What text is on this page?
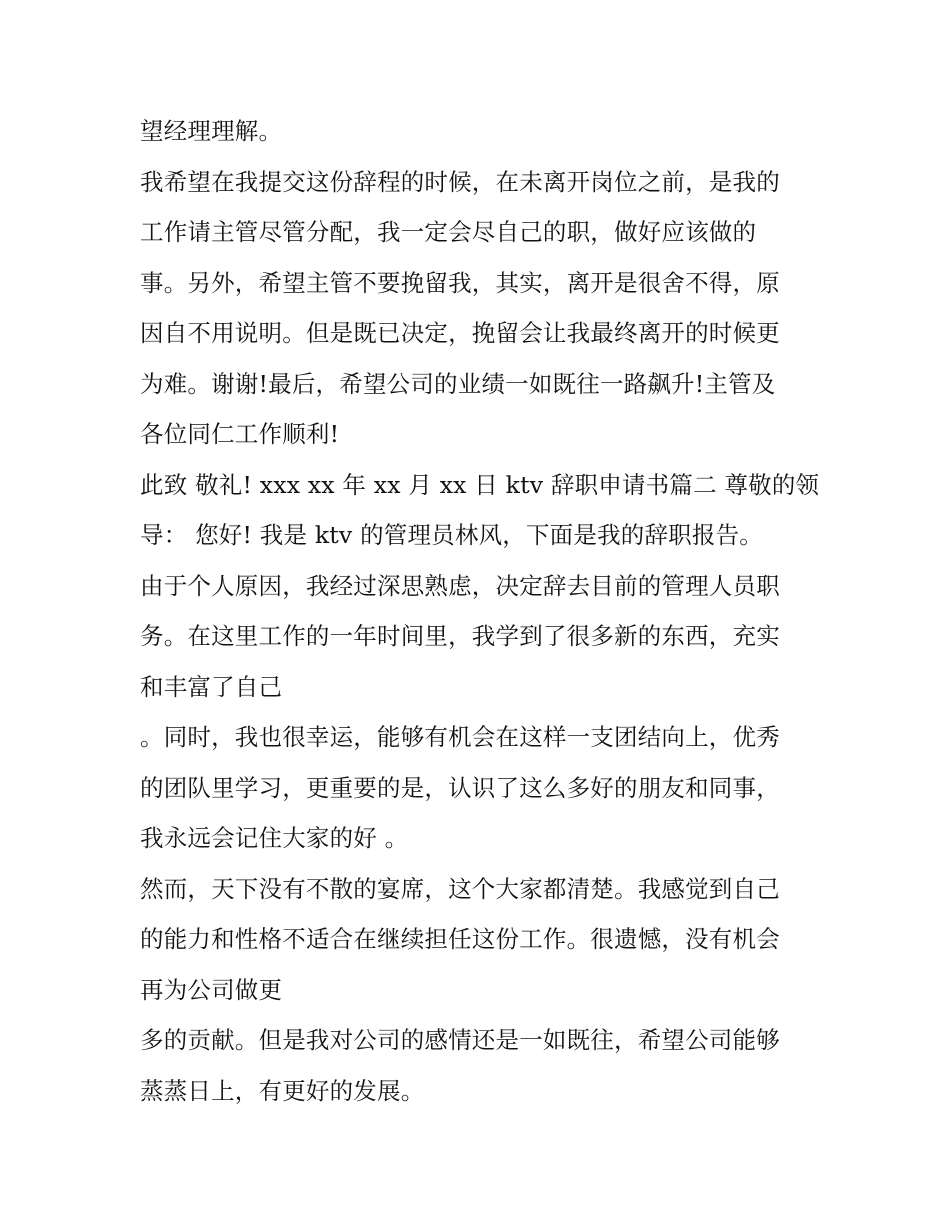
望经理理解。
我希望在我提交这份辞程的时候，在未离开岗位之前，是我的
工作请主管尽管分配，我一定会尽自己的职，做好应该做的
事。另外，希望主管不要挽留我，其实，离开是很舍不得，原
因自不用说明。但是既已决定，挽留会让我最终离开的时候更
为难。谢谢!最后，希望公司的业绩一如既往一路飙升!主管及
各位同仁工作顺利!
此致 敬礼! xxx xx 年 xx 月 xx 日 ktv 辞职申请书篇二 尊敬的领
导： 您好! 我是 ktv 的管理员林风，下面是我的辞职报告。
由于个人原因，我经过深思熟虑，决定辞去目前的管理人员职
务。在这里工作的一年时间里，我学到了很多新的东西，充实
和丰富了自己
。同时，我也很幸运，能够有机会在这样一支团结向上，优秀
的团队里学习，更重要的是，认识了这么多好的朋友和同事，
我永远会记住大家的好 。
然而，天下没有不散的宴席，这个大家都清楚。我感觉到自己
的能力和性格不适合在继续担任这份工作。很遗憾，没有机会
再为公司做更
多的贡献。但是我对公司的感情还是一如既往，希望公司能够
蒸蒸日上，有更好的发展。
